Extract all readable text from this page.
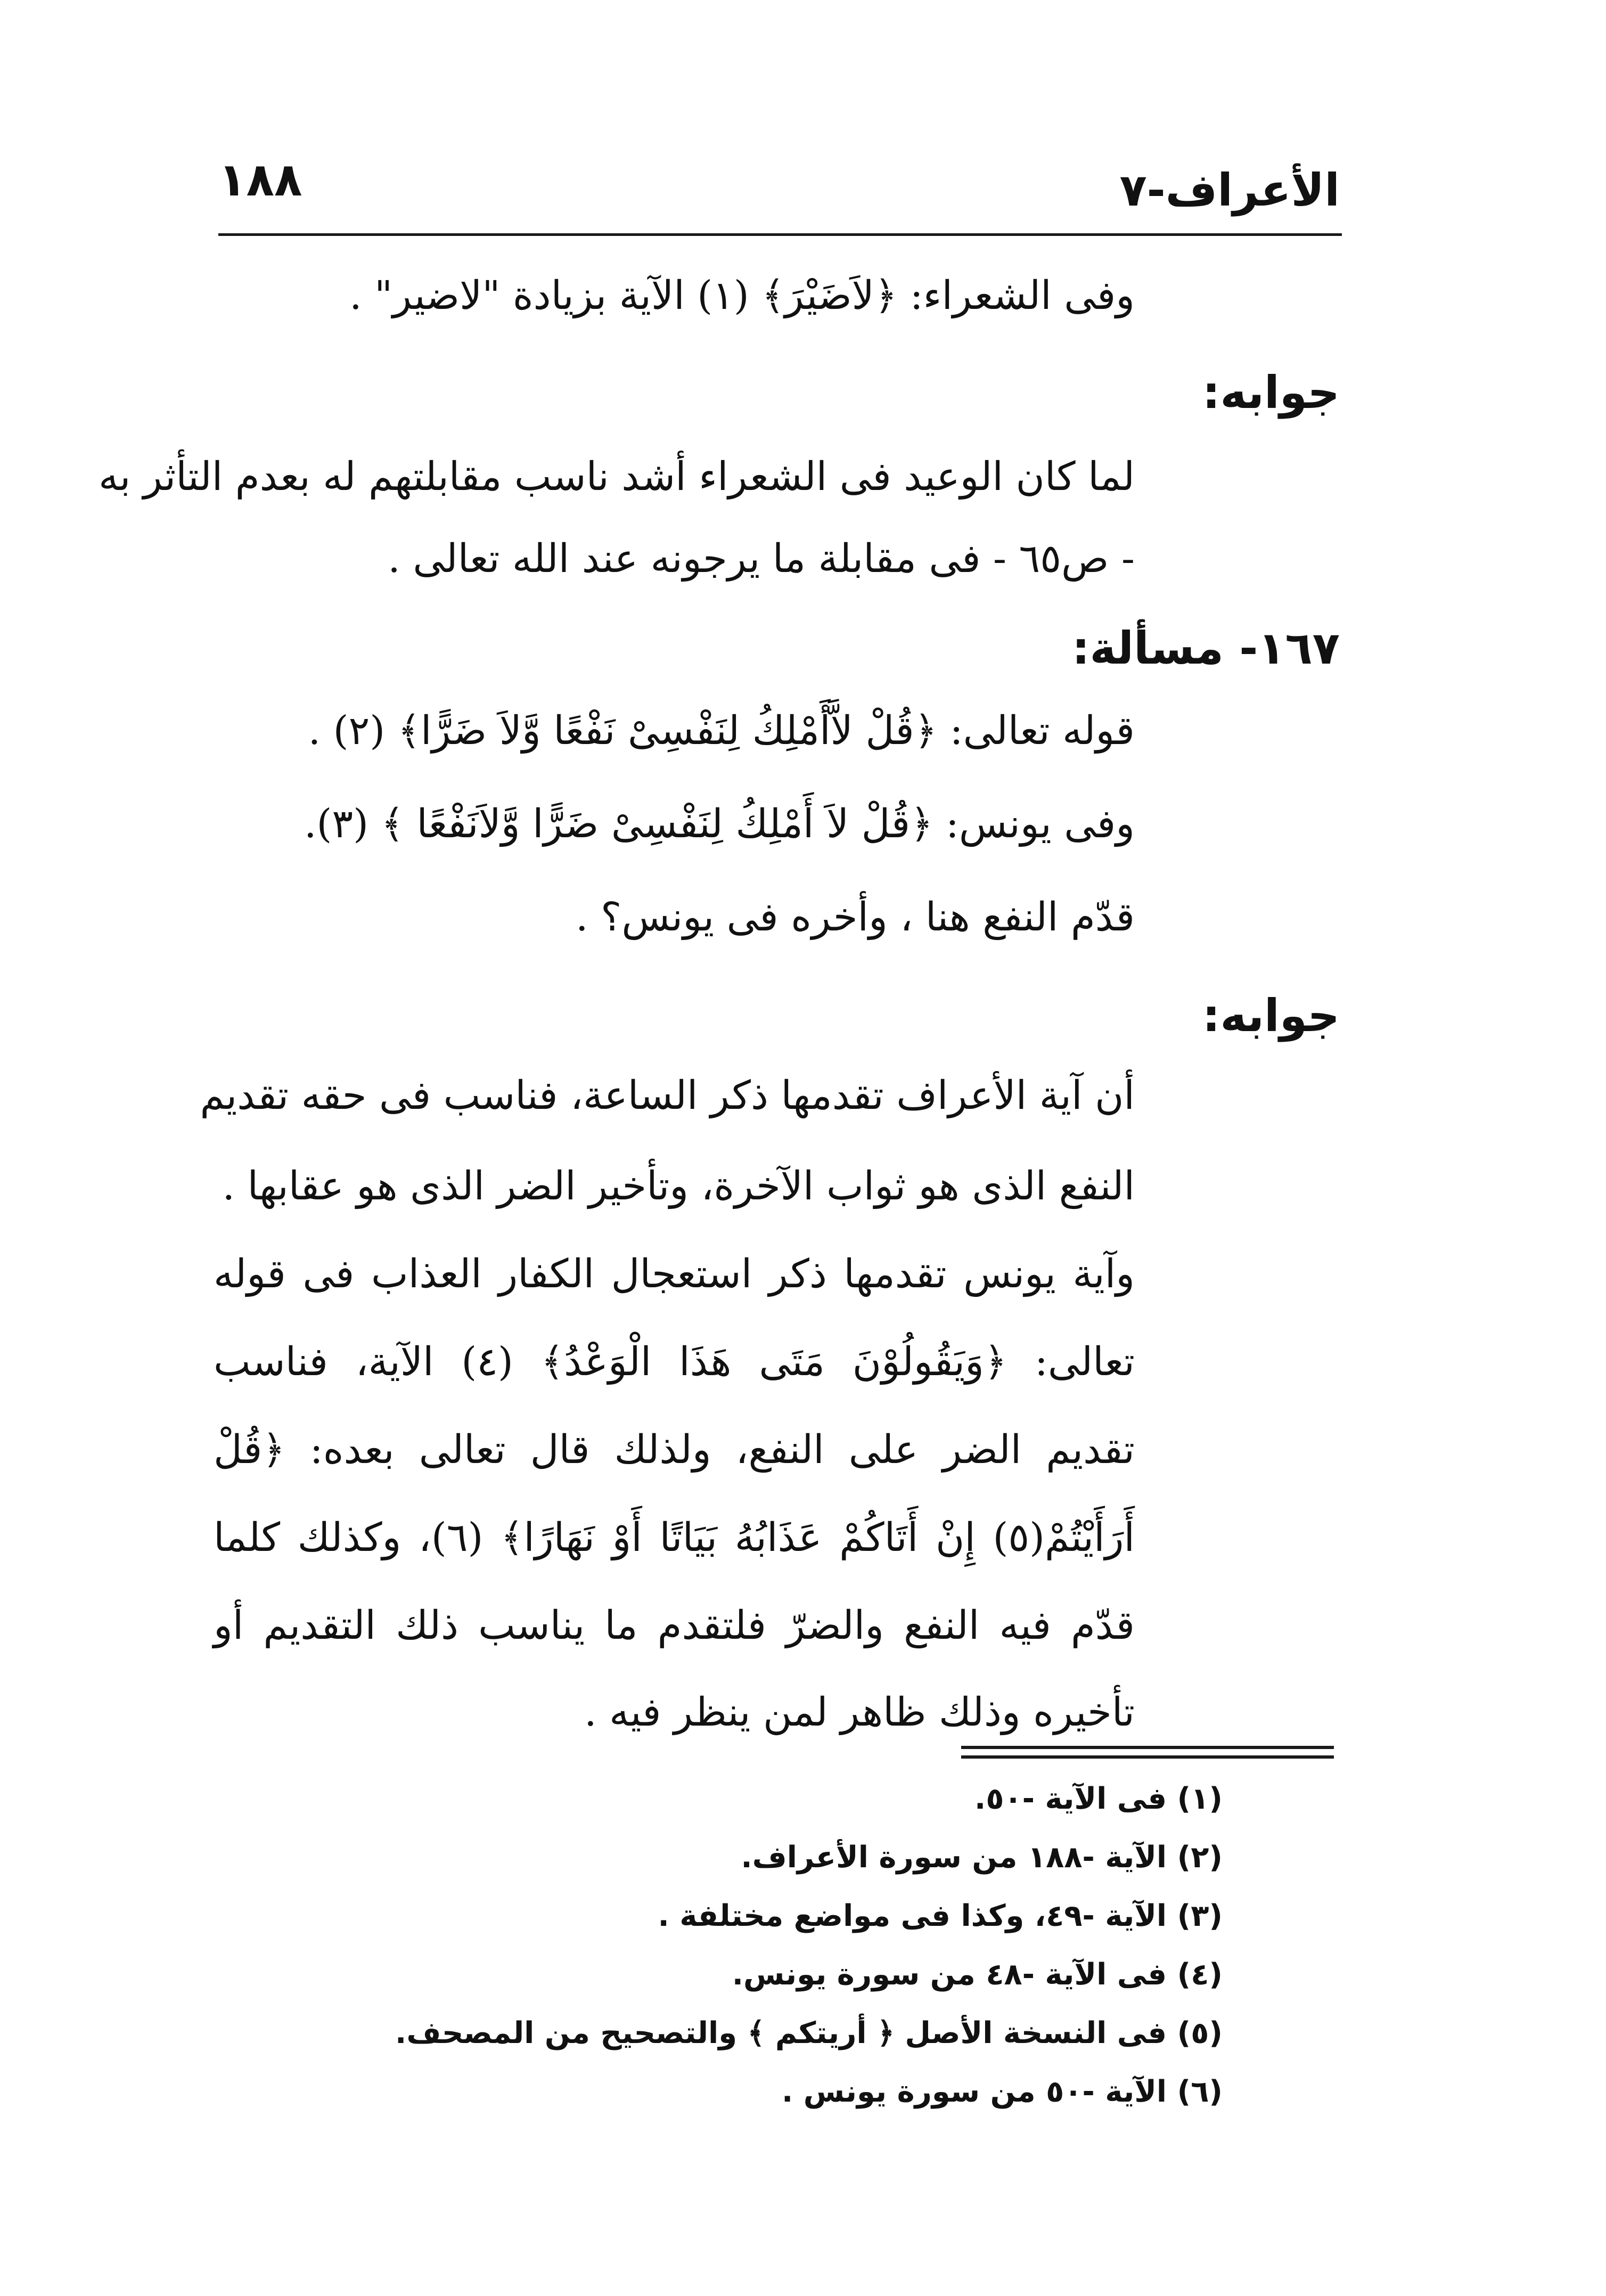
١٨٨	الأعراف-٧
وفى الشعراء: ﴿لاَضَيْرَ﴾ (١) الآية بزيادة "لاضير" .
جوابه:
لما كان الوعيد فى الشعراء أشد ناسب مقابلتهم له بعدم التأثر به
- ص٦٥ - فى مقابلة ما يرجونه عند الله تعالى .
١٦٧- مسألة:
قوله تعالى: ﴿قُلْ لاَّأَمْلِكُ لِنَفْسِىْ نَفْعًا وَّلاَ ضَرًّا﴾ (٢) .
وفى يونس: ﴿قُلْ لاَ أَمْلِكُ لِنَفْسِىْ ضَرًّا وَّلاَنَفْعًا ﴾ (٣).
قدّم النفع هنا ، وأخره فى يونس؟ .
جوابه:
أن آية الأعراف تقدمها ذكر الساعة، فناسب فى حقه تقديم
النفع الذى هو ثواب الآخرة، وتأخير الضر الذى هو عقابها .
وآية يونس تقدمها ذكر استعجال الكفار العذاب فى قوله
تعالى: ﴿وَيَقُولُوْنَ مَتَى هَذَا الْوَعْدُ﴾ (٤) الآية، فناسب
تقديم الضر على النفع، ولذلك قال تعالى بعده: ﴿قُلْ
أَرَأَيْتُمْ(٥) إِنْ أَتَاكُمْ عَذَابُهُ بَيَاتًا أَوْ نَهَارًا﴾ (٦)، وكذلك كلما
قدّم فيه النفع والضرّ فلتقدم ما يناسب ذلك التقديم أو
تأخيره وذلك ظاهر لمن ينظر فيه .
(١) فى الآية -٥٠.
(٢) الآية -١٨٨ من سورة الأعراف.
(٣) الآية -٤٩، وكذا فى مواضع مختلفة .
(٤) فى الآية -٤٨ من سورة يونس.
(٥) فى النسخة الأصل ﴿ أريتكم ﴾ والتصحيح من المصحف.
(٦) الآية -٥٠ من سورة يونس .
